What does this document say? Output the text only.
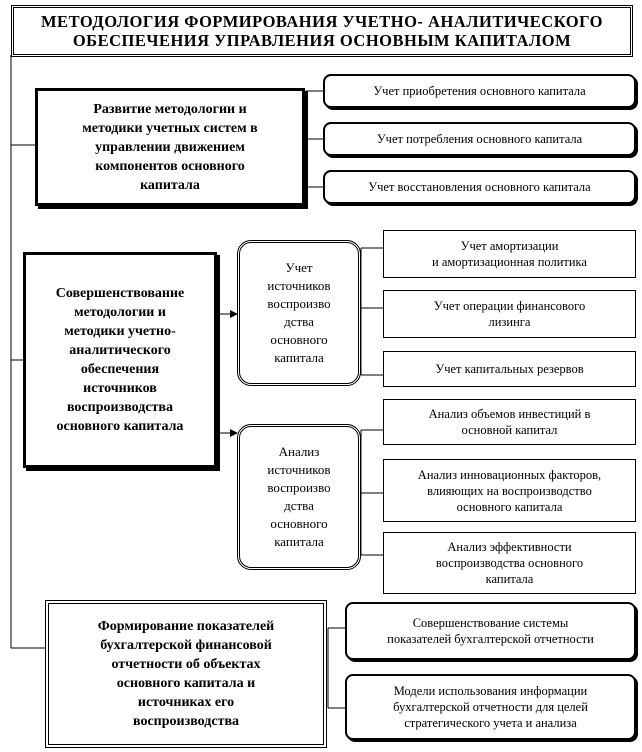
МЕТОДОЛОГИЯ ФОРМИРОВАНИЯ УЧЕТНО- АНАЛИТИЧЕСКОГО
ОБЕСПЕЧЕНИЯ УПРАВЛЕНИЯ ОСНОВНЫМ КАПИТАЛОМ
Развитие методологии и
методики учетных систем в
управлении движением
компонентов основного
капитала
Учет приобретения основного капитала
Учет потребления основного капитала
Учет восстановления основного капитала
Совершенствование
методологии и
методики учетно-
аналитического
обеспечения
источников
воспроизводства
основного капитала
Учет
источников
воспроизво
дства
основного
капитала
Учет амортизации
и амортизационная политика
Учет операции финансового
лизинга
Учет капитальных резервов
Анализ
источников
воспроизво
дства
основного
капитала
Анализ объемов инвестиций в
основной капитал
Анализ инновационных факторов,
влияющих на воспроизводство
основного капитала
Анализ эффективности
воспроизводства основного
капитала
Формирование показателей
бухгалтерской финансовой
отчетности об объектах
основного капитала и
источниках его
воспроизводства
Совершенствование системы
показателей бухгалтерской отчетности
Модели использования информации
бухгалтерской отчетности для целей
стратегического учета и анализа
